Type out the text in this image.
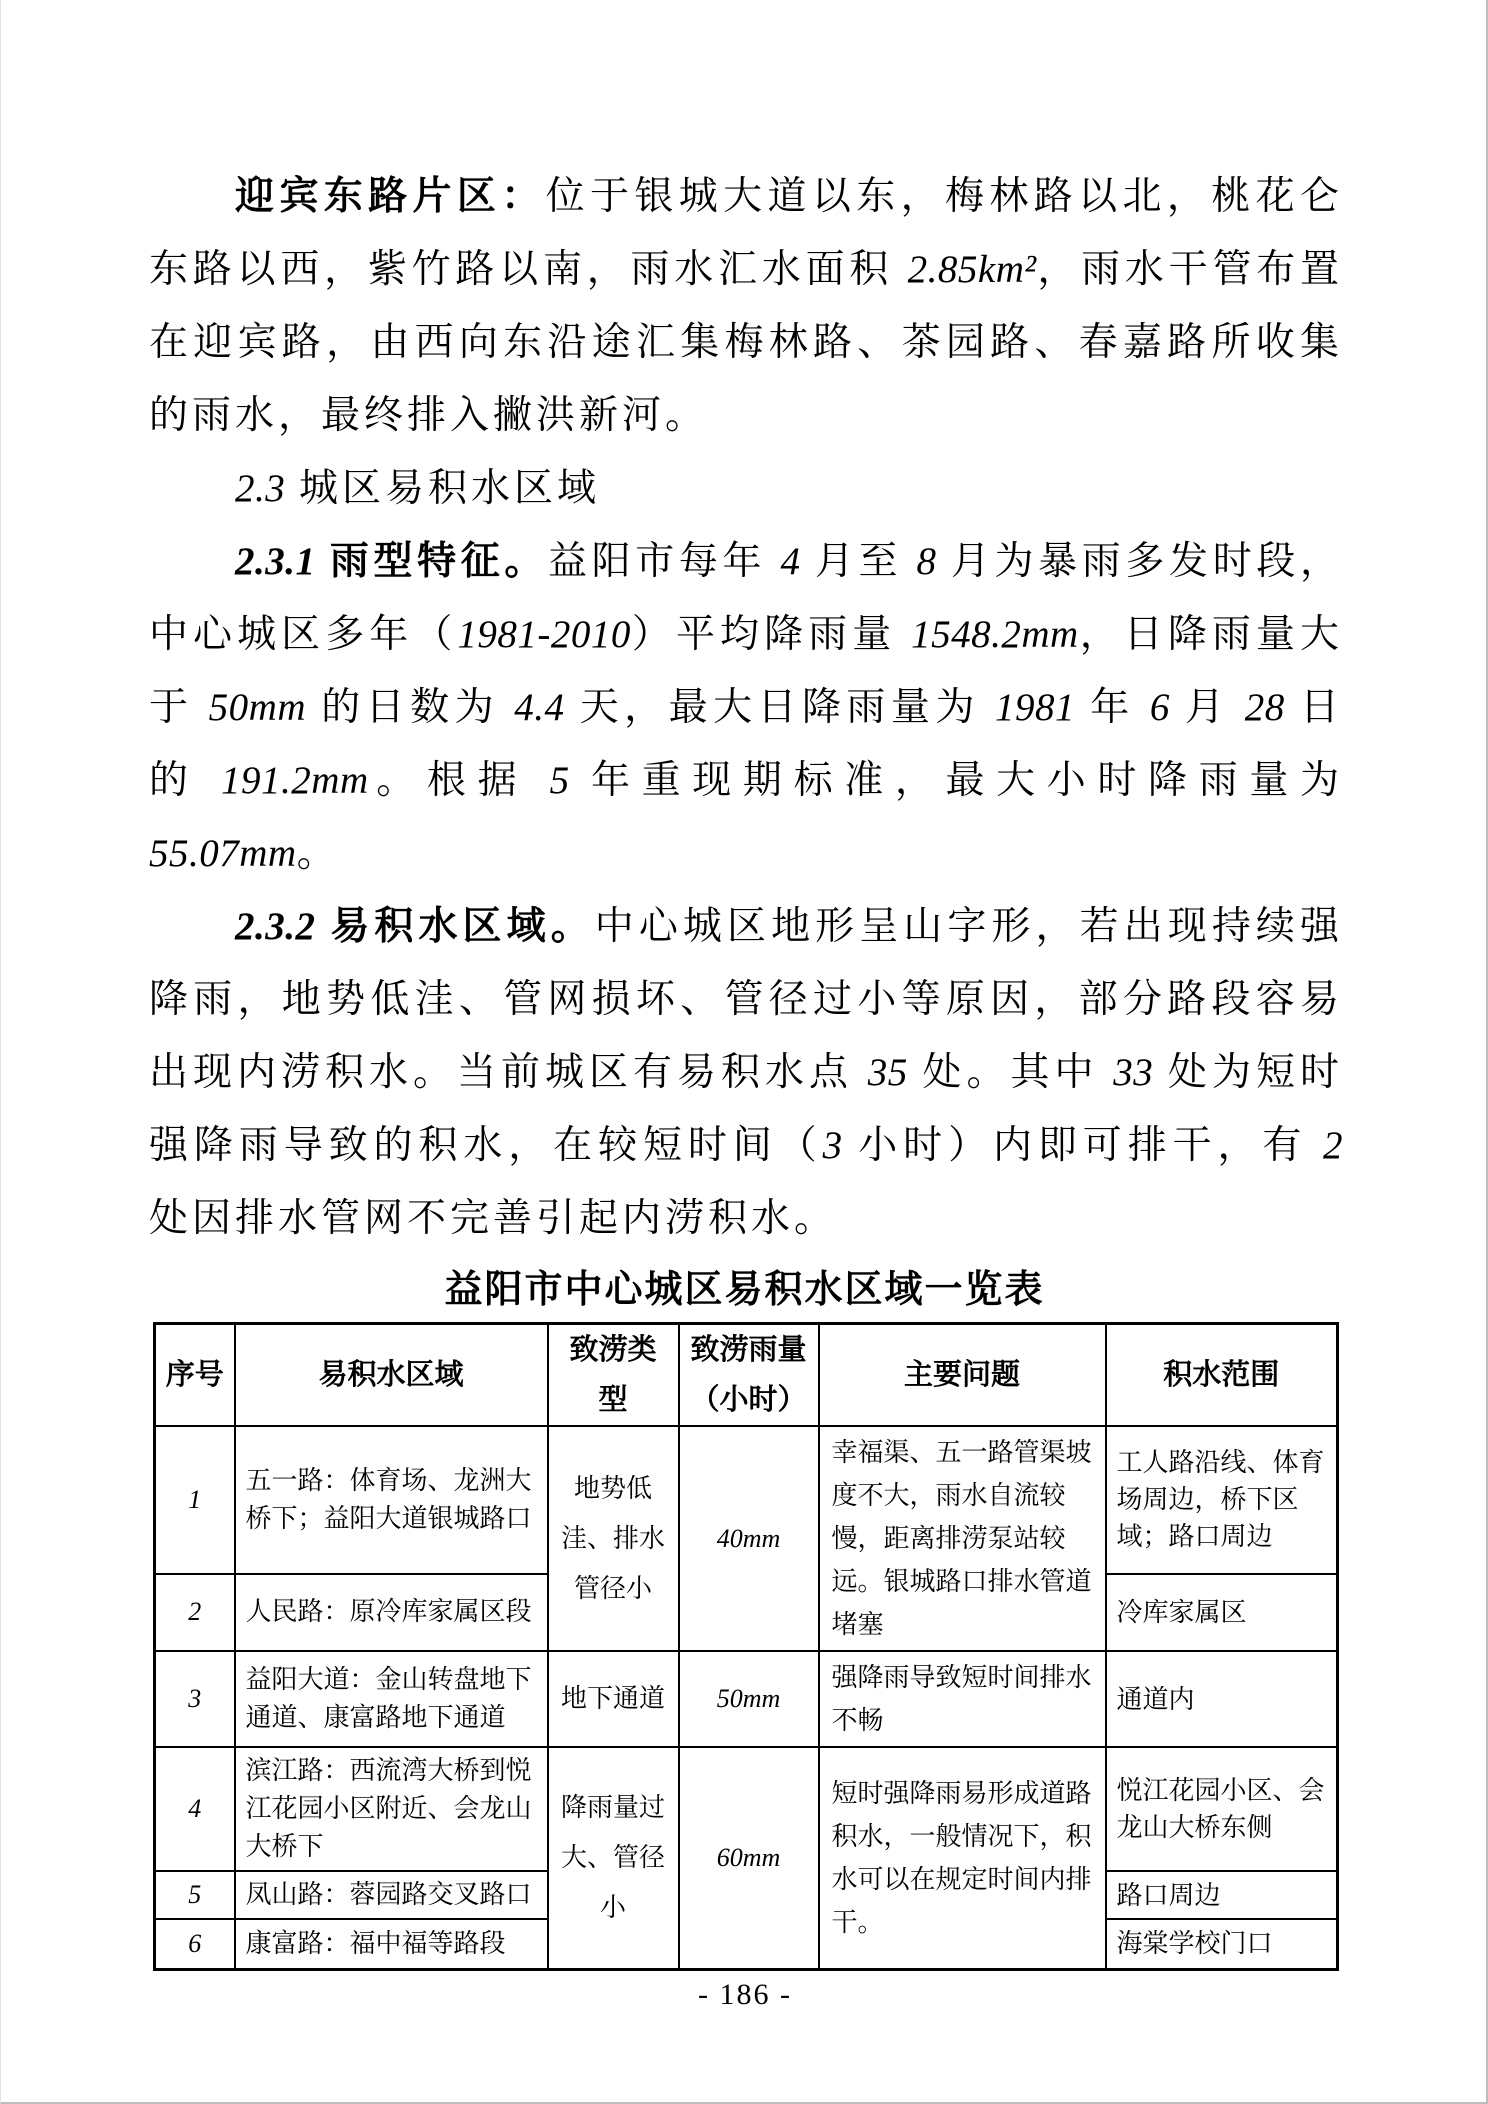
迎宾东路片区：位于银城大道以东，梅林路以北，桃花仑东路以西，紫竹路以南，雨水汇水面积 2.85km²，雨水干管布置在迎宾路，由西向东沿途汇集梅林路、茶园路、春嘉路所收集的雨水，最终排入撇洪新河。

2.3 城区易积水区域

2.3.1 雨型特征。益阳市每年 4 月至 8 月为暴雨多发时段，中心城区多年（1981-2010）平均降雨量 1548.2mm，日降雨量大于 50mm 的日数为 4.4 天，最大日降雨量为 1981 年 6 月 28 日的 191.2mm。根据 5 年重现期标准，最大小时降雨量为 55.07mm。

2.3.2 易积水区域。中心城区地形呈山字形，若出现持续强降雨，地势低洼、管网损坏、管径过小等原因，部分路段容易出现内涝积水。当前城区有易积水点 35 处。其中 33 处为短时强降雨导致的积水，在较短时间（3 小时）内即可排干，有 2 处因排水管网不完善引起内涝积水。

益阳市中心城区易积水区域一览表
序号	易积水区域	致涝类型	致涝雨量（小时）	主要问题	积水范围
1	五一路：体育场、龙洲大桥下；益阳大道银城路口	地势低洼、排水管径小	40mm	幸福渠、五一路管渠坡度不大，雨水自流较慢，距离排涝泵站较远。银城路口排水管道堵塞	工人路沿线、体育场周边，桥下区域；路口周边
2	人民路：原冷库家属区段				冷库家属区
3	益阳大道：金山转盘地下通道、康富路地下通道	地下通道	50mm	强降雨导致短时间排水不畅	通道内
4	滨江路：西流湾大桥到悦江花园小区附近、会龙山大桥下	降雨量过大、管径小	60mm	短时强降雨易形成道路积水，一般情况下，积水可以在规定时间内排干。	悦江花园小区、会龙山大桥东侧
5	凤山路：蓉园路交叉路口				路口周边
6	康富路：福中福等路段				海棠学校门口
- 186 -
